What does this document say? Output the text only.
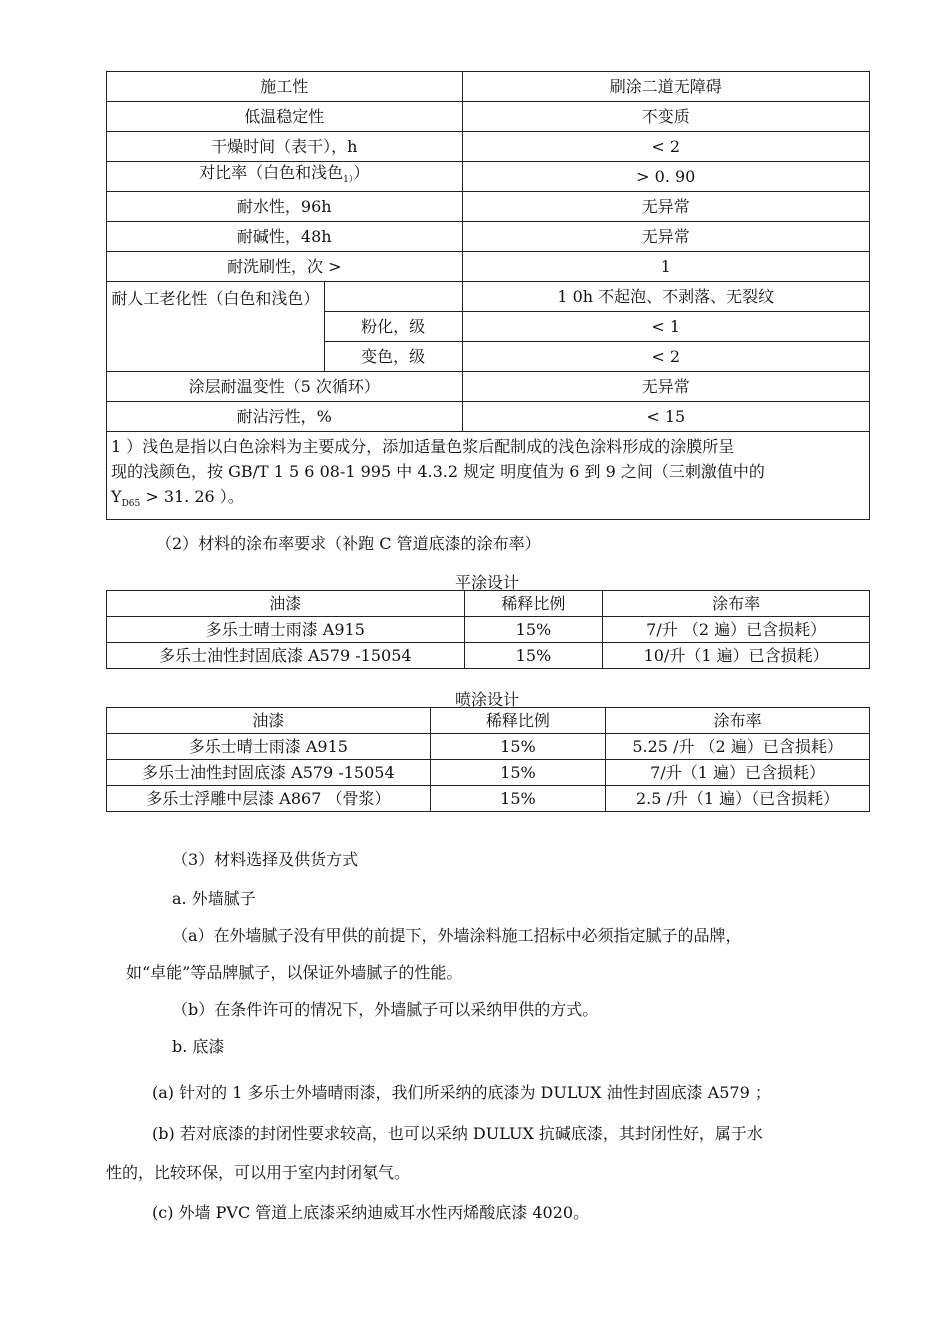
施工性		刷涂二道无障碍
低温稳定性		不变质
干燥时间（表干），h		< 2
对比率（白色和浅色$_{1)}$）		> 0. 90
耐水性，96h		无异常
耐碱性，48h		无异常
耐洗刷性，次 >		1
耐人工老化性（白色和浅色）		1 0h 不起泡、不剥落、无裂纹
	粉化，级	< 1
	变色，级	< 2
涂层耐温变性（5 次循环）		无异常
耐沾污性，%		< 15

1 ）浅色是指以白色涂料为主要成分，添加适量色浆后配制成的浅色涂料形成的涂膜所呈
现的浅颜色，按 GB/T 1 5 6 08-1 995 中 4.3.2 规定 明度值为 6 到 9 之间（三刺激值中的
$Y_{D65} > 31$. 26 ）。		
（2）材料的涂布率要求（补跑 C 管道底漆的涂布率）
平涂设计
油漆	稀释比例	涂布率
多乐士晴士雨漆 A915	15%	7/升 （2 遍）已含损耗）
多乐士油性封固底漆 A579 -15054	15%	10/升（1 遍）已含损耗）
喷涂设计
油漆	稀释比例	涂布率
多乐士晴士雨漆 A915	15%	5.25 /升 （2 遍）已含损耗）
多乐士油性封固底漆 A579 -15054	15%	7/升（1 遍）已含损耗）
多乐士浮雕中层漆 A867 （骨浆）	15%	2.5 /升（1 遍）（已含损耗）
（3）材料选择及供货方式
a. 外墙腻子
（a）在外墙腻子没有甲供的前提下，外墙涂料施工招标中必须指定腻子的品牌，
如“卓能”等品牌腻子，以保证外墙腻子的性能。
（b）在条件许可的情况下，外墙腻子可以采纳甲供的方式。
b. 底漆
(a) 针对的 1 多乐士外墙晴雨漆，我们所采纳的底漆为 DULUX 油性封固底漆 A579 ；
(b) 若对底漆的封闭性要求较高，也可以采纳 DULUX 抗碱底漆，其封闭性好，属于水
性的，比较环保，可以用于室内封闭氡气。
(c) 外墙 PVC 管道上底漆采纳迪威耳水性丙烯酸底漆 4020。
